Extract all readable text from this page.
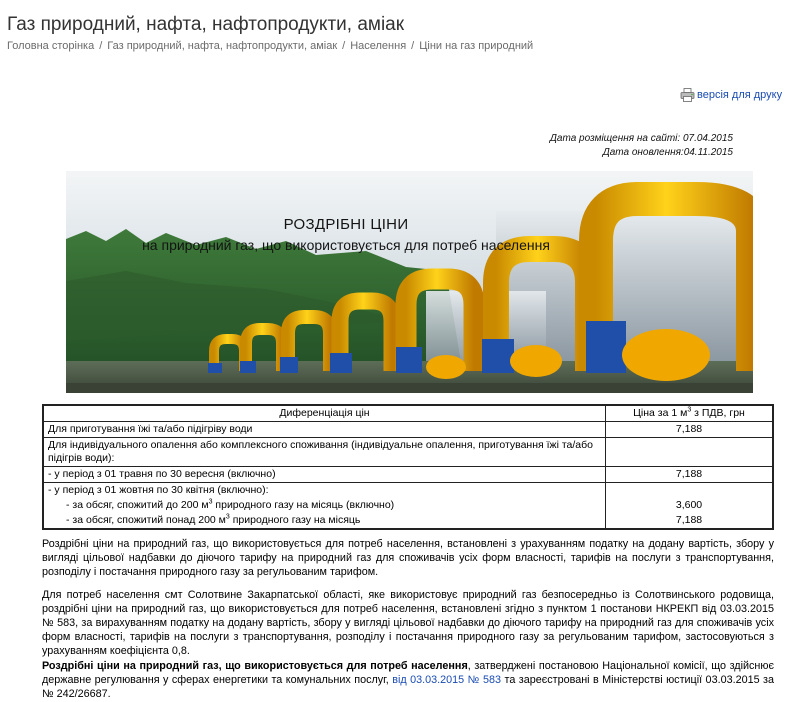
Газ природний, нафта, нафтопродукти, аміак
Головна сторінка / Газ природний, нафта, нафтопродукти, аміак / Населення / Ціни на газ природний
версія для друку
Дата розміщення на сайті: 07.04.2015
Дата оновлення:04.11.2015
РОЗДРІБНІ ЦІНИ
на природний газ, що використовується для потреб населення
Диференціація цін	Ціна за 1 $м^3$ з ПДВ, грн
Для приготування їжі та/або підігріву води	7,188
Для індивідуального опалення або комплексного споживання (індивідуальне опалення, приготування їжі та/або підігрів води):	
- у період з 01 травня по 30 вересня (включно)	7,188
- у період з 01 жовтня по 30 квітня (включно):	
- за обсяг, спожитий до 200 $м^3$ природного газу на місяць (включно)	3,600
- за обсяг, спожитий понад 200 $м^3$ природного газу на місяць	7,188

Роздрібні ціни на природний газ, що використовується для потреб населення, встановлені з урахуванням податку на додану вартість, збору у вигляді цільової надбавки до діючого тарифу на природний газ для споживачів усіх форм власності, тарифів на послуги з транспортування, розподілу і постачання природного газу за регульованим тарифом.

Для потреб населення смт Солотвине Закарпатської області, яке використовує природний газ безпосередньо із Солотвинського родовища, роздрібні ціни на природний газ, що використовується для потреб населення, встановлені згідно з пунктом 1 постанови НКРЕКП від 03.03.2015 № 583, за вирахуванням податку на додану вартість, збору у вигляді цільової надбавки до діючого тарифу на природний газ для споживачів усіх форм власності, тарифів на послуги з транспортування, розподілу і постачання природного газу за регульованим тарифом, застосовуються з урахуванням коефіцієнта 0,8.

Роздрібні ціни на природний газ, що використовується для потреб населення, затверджені постановою Національної комісії, що здійснює державне регулювання у сферах енергетики та комунальних послуг, від 03.03.2015 № 583 та зареєстровані в Міністерстві юстиції 03.03.2015 за № 242/26687.
